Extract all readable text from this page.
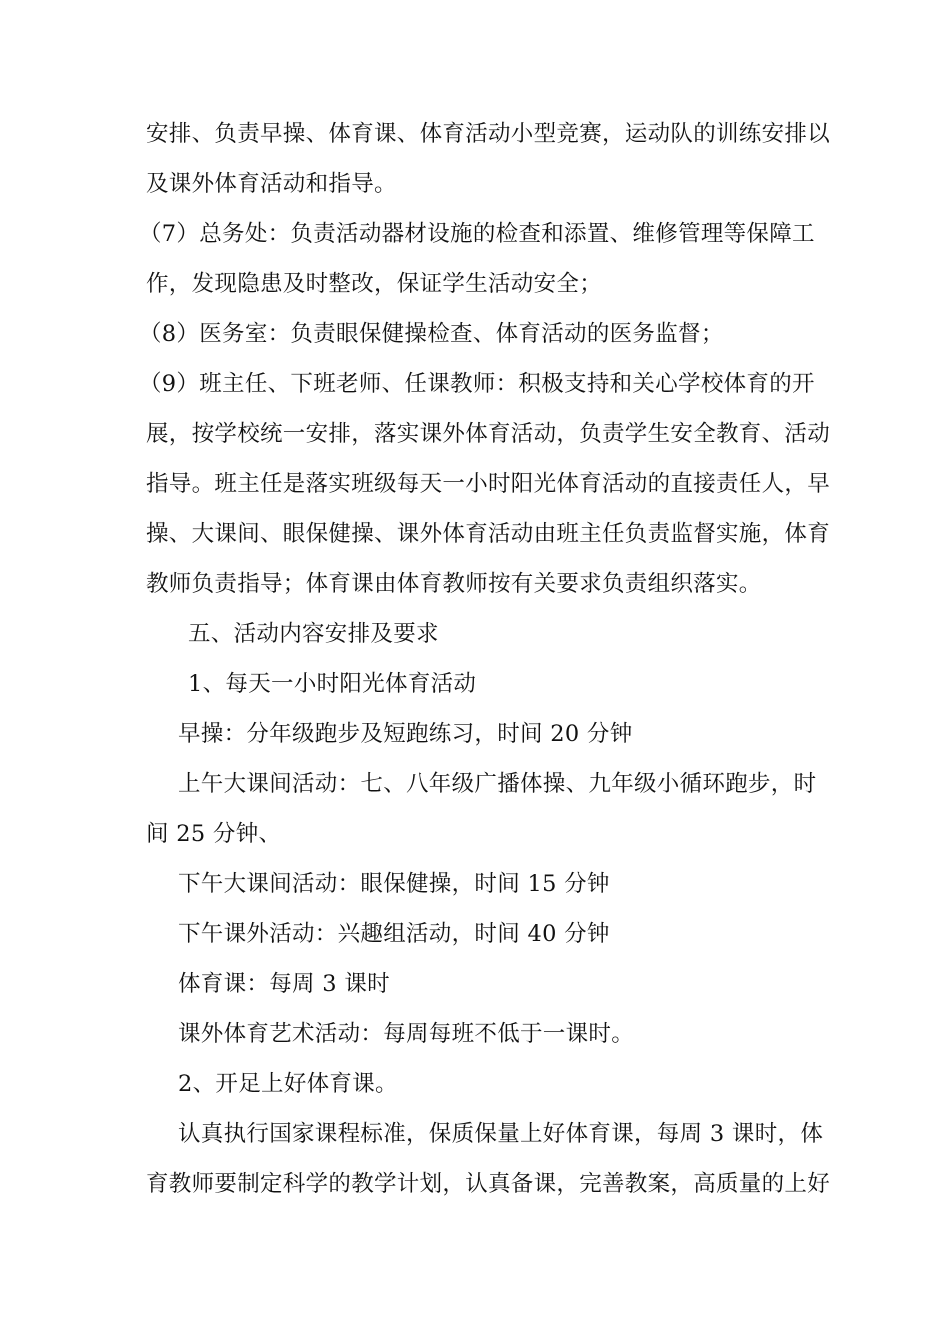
安排、负责早操、体育课、体育活动小型竞赛，运动队的训练安排以
及课外体育活动和指导。
（7）总务处：负责活动器材设施的检查和添置、维修管理等保障工
作，发现隐患及时整改，保证学生活动安全；
（8）医务室：负责眼保健操检查、体育活动的医务监督；
（9）班主任、下班老师、任课教师：积极支持和关心学校体育的开
展，按学校统一安排，落实课外体育活动，负责学生安全教育、活动
指导。班主任是落实班级每天一小时阳光体育活动的直接责任人，早
操、大课间、眼保健操、课外体育活动由班主任负责监督实施，体育
教师负责指导；体育课由体育教师按有关要求负责组织落实。
五、活动内容安排及要求
1、每天一小时阳光体育活动
早操：分年级跑步及短跑练习，时间 20 分钟
上午大课间活动：七、八年级广播体操、九年级小循环跑步，时
间 25 分钟、
下午大课间活动：眼保健操，时间 15 分钟
下午课外活动：兴趣组活动，时间 40 分钟
体育课：每周 3 课时
课外体育艺术活动：每周每班不低于一课时。
2、开足上好体育课。
认真执行国家课程标准，保质保量上好体育课，每周 3 课时，体
育教师要制定科学的教学计划，认真备课，完善教案，高质量的上好
